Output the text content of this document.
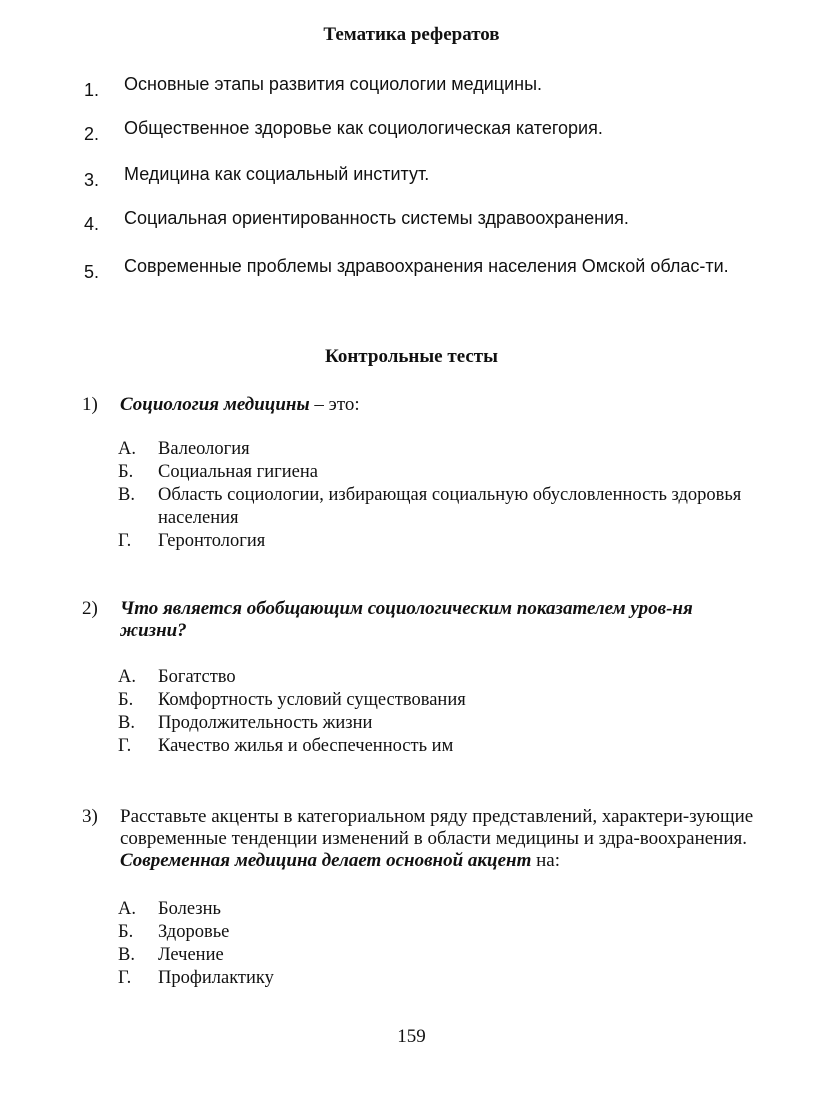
Тематика рефератов
1.	Основные этапы развития социологии медицины.
2.	Общественное здоровье как социологическая категория.
3.	Медицина как социальный институт.
4.	Социальная ориентированность системы здравоохранения.
5.	Современные проблемы здравоохранения населения Омской облас-ти.
Контрольные тесты
1) Социология медицины – это:
А. Валеология
Б. Социальная гигиена
В. Область социологии, избирающая социальную обусловленность здоровья населения
Г. Геронтология
2) Что является обобщающим социологическим показателем уров-ня жизни?
А. Богатство
Б. Комфортность условий существования
В. Продолжительность жизни
Г. Качество жилья и обеспеченность им
3) Расставьте акценты в категориальном ряду представлений, характери-зующие современные тенденции изменений в области медицины и здра-воохранения. Современная медицина делает основной акцент на:
А. Болезнь
Б. Здоровье
В. Лечение
Г. Профилактику
159
